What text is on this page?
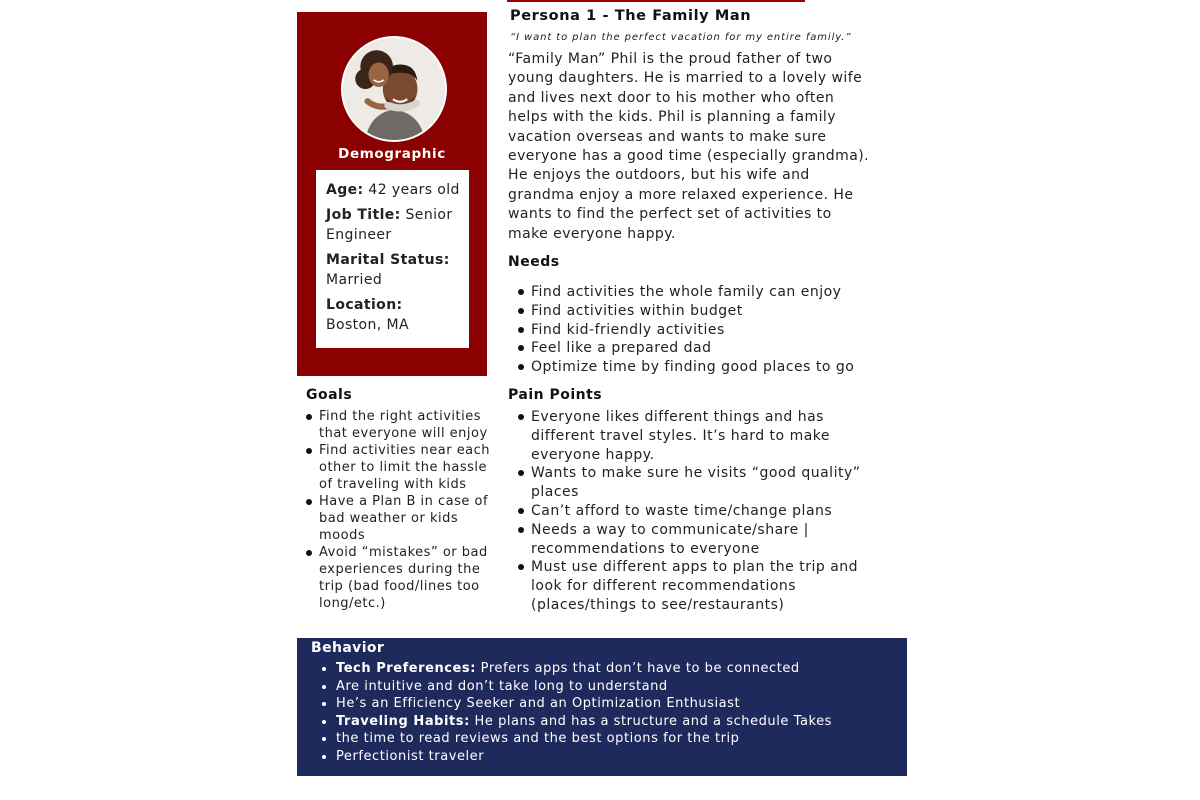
Demographic
Age: 42 years old
Job Title: Senior Engineer
Marital Status:
Married
Location:
Boston, MA
Persona 1 - The Family Man
“I want to plan the perfect vacation for my entire family.”

“Family Man” Phil is the proud father of two young daughters. He is married to a lovely wife and lives next door to his mother who often helps with the kids. Phil is planning a family vacation overseas and wants to make sure everyone has a good time (especially grandma). He enjoys the outdoors, but his wife and grandma enjoy a more relaxed experience. He wants to find the perfect set of activities to make everyone happy.

Needs
Find activities the whole family can enjoy
Find activities within budget
Find kid-friendly activities
Feel like a prepared dad
Optimize time by finding good places to go
Goals
Find the right activities that everyone will enjoy
Find activities near each other to limit the hassle of traveling with kids
Have a Plan B in case of bad weather or kids moods
Avoid “mistakes” or bad experiences during the trip (bad food/lines too long/etc.)
Pain Points
Everyone likes different things and has different travel styles. It’s hard to make everyone happy.
Wants to make sure he visits “good quality” places
Can’t afford to waste time/change plans
Needs a way to communicate/share | recommendations to everyone
Must use different apps to plan the trip and look for different recommendations (places/things to see/restaurants)
Behavior
Tech Preferences: Prefers apps that don’t have to be connected
Are intuitive and don’t take long to understand
He’s an Efficiency Seeker and an Optimization Enthusiast
Traveling Habits: He plans and has a structure and a schedule Takes
the time to read reviews and the best options for the trip
Perfectionist traveler
